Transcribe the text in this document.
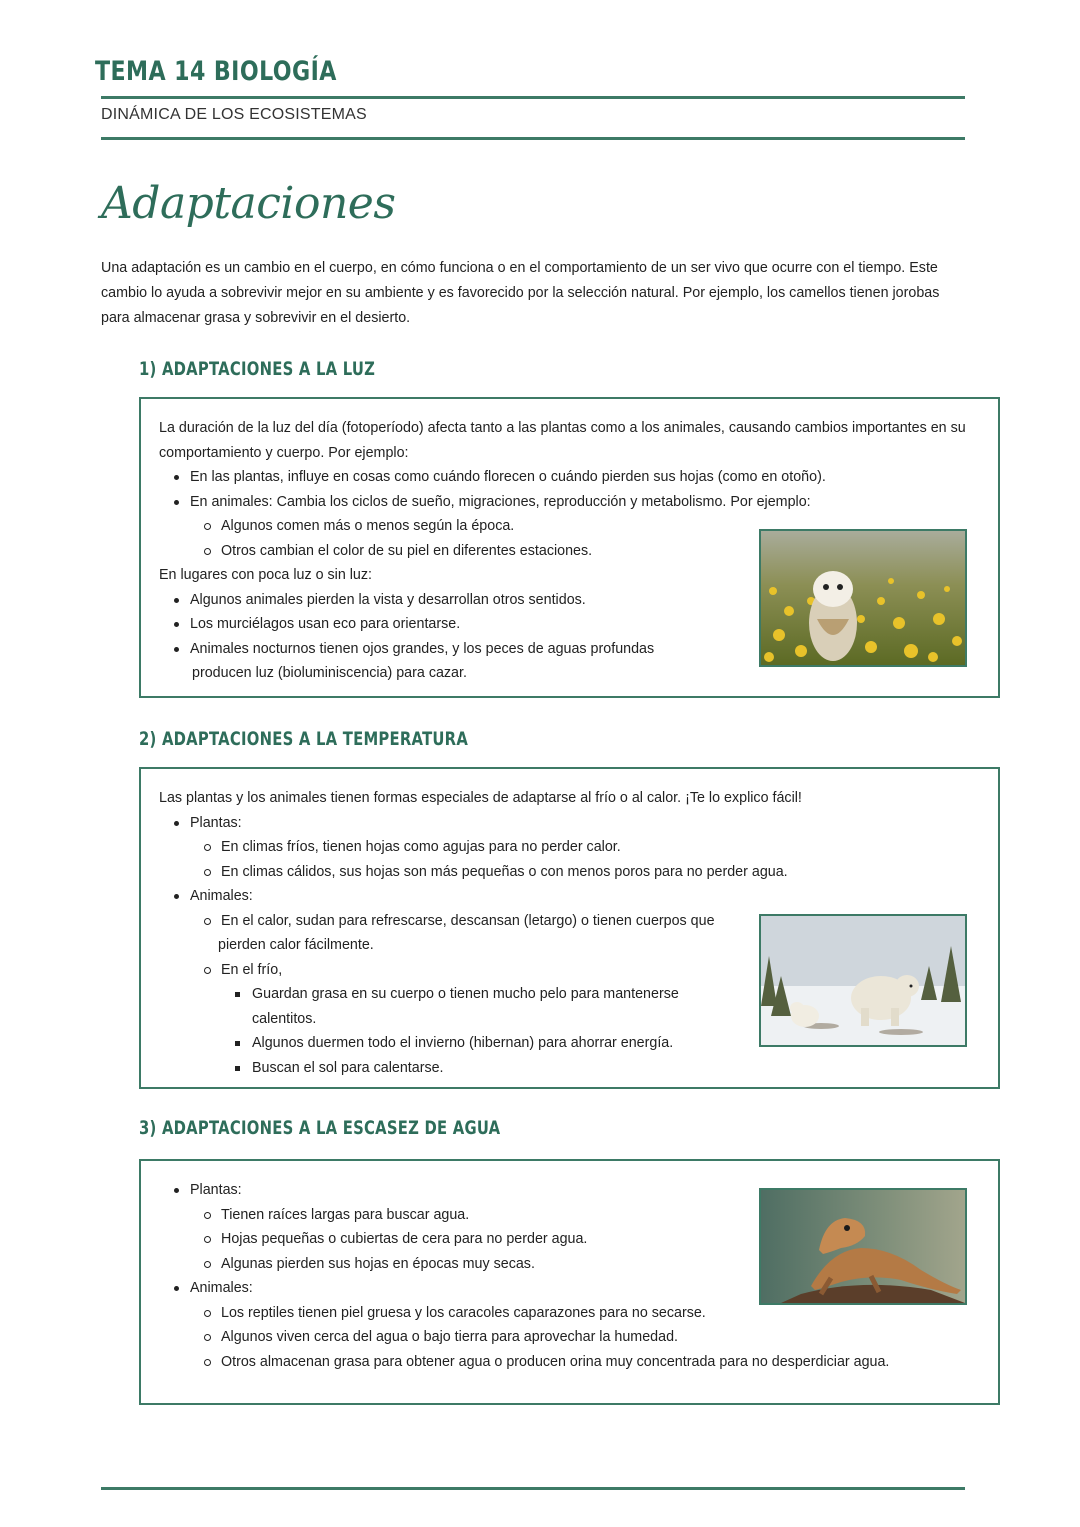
TEMA 14 BIOLOGÍA
DINÁMICA DE LOS ECOSISTEMAS
Adaptaciones

Una adaptación es un cambio en el cuerpo, en cómo funciona o en el comportamiento de un ser vivo que ocurre con el tiempo. Este cambio lo ayuda a sobrevivir mejor en su ambiente y es favorecido por la selección natural. Por ejemplo, los camellos tienen jorobas para almacenar grasa y sobrevivir en el desierto.

1) ADAPTACIONES A LA LUZ

La duración de la luz del día (fotoperíodo) afecta tanto a las plantas como a los animales, causando cambios importantes en su comportamiento y cuerpo. Por ejemplo:

En las plantas, influye en cosas como cuándo florecen o cuándo pierden sus hojas (como en otoño).
En animales: Cambia los ciclos de sueño, migraciones, reproducción y metabolismo. Por ejemplo:
Algunos comen más o menos según la época.
Otros cambian el color de su piel en diferentes estaciones.

En lugares con poca luz o sin luz:

Algunos animales pierden la vista y desarrollan otros sentidos.
Los murciélagos usan eco para orientarse.
Animales nocturnos tienen ojos grandes, y los peces de aguas profundas
producen luz (bioluminiscencia) para cazar.
2) ADAPTACIONES A LA TEMPERATURA

Las plantas y los animales tienen formas especiales de adaptarse al frío o al calor. ¡Te lo explico fácil!

Plantas:
En climas fríos, tienen hojas como agujas para no perder calor.
En climas cálidos, sus hojas son más pequeñas o con menos poros para no perder agua.
Animales:
En el calor, sudan para refrescarse, descansan (letargo) o tienen cuerpos que
pierden calor fácilmente.
En el frío,
Guardan grasa en su cuerpo o tienen mucho pelo para mantenerse
calentitos.
Algunos duermen todo el invierno (hibernan) para ahorrar energía.
Buscan el sol para calentarse.
3) ADAPTACIONES A LA ESCASEZ DE AGUA
Plantas:
Tienen raíces largas para buscar agua.
Hojas pequeñas o cubiertas de cera para no perder agua.
Algunas pierden sus hojas en épocas muy secas.
Animales:
Los reptiles tienen piel gruesa y los caracoles caparazones para no secarse.
Algunos viven cerca del agua o bajo tierra para aprovechar la humedad.
Otros almacenan grasa para obtener agua o producen orina muy concentrada para no desperdiciar agua.
